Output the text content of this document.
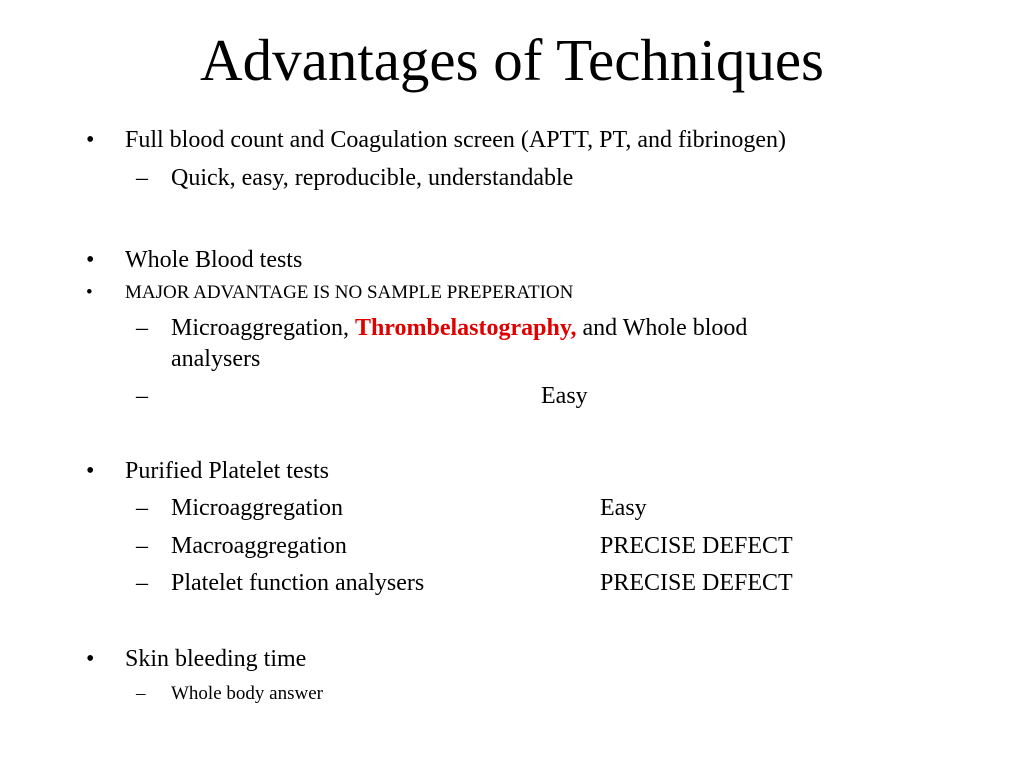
Advantages of Techniques
• Full blood count and Coagulation screen (APTT, PT, and fibrinogen)
– Quick, easy, reproducible, understandable
• Whole Blood tests
• MAJOR ADVANTAGE IS NO SAMPLE PREPERATION
– Microaggregation, Thrombelastography, and Whole blood
analysers
–	Easy
• Purified Platelet tests
– Microaggregation	Easy
– Macroaggregation	PRECISE DEFECT
– Platelet function analysers	PRECISE DEFECT
• Skin bleeding time
– Whole body answer
